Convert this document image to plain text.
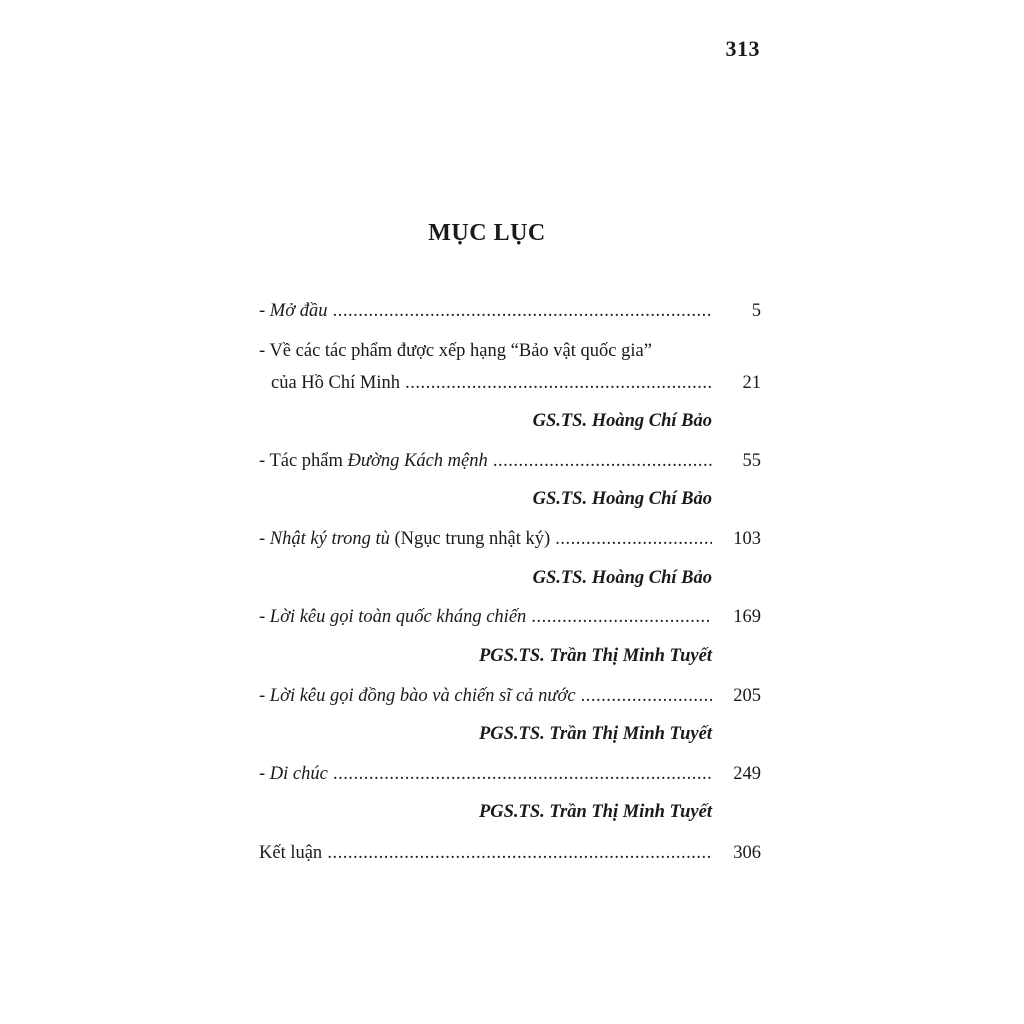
313
MỤC LỤC
- Mở đầu .....	5
- Về các tác phẩm được xếp hạng “Bảo vật quốc gia”
của Hồ Chí Minh .....	21
GS.TS. Hoàng Chí Bảo
- Tác phẩm Đường Kách mệnh .....	55
GS.TS. Hoàng Chí Bảo
- Nhật ký trong tù (Ngục trung nhật ký) .....	103
GS.TS. Hoàng Chí Bảo
- Lời kêu gọi toàn quốc kháng chiến .....	169
PGS.TS. Trần Thị Minh Tuyết
- Lời kêu gọi đồng bào và chiến sĩ cả nước .....	205
PGS.TS. Trần Thị Minh Tuyết
- Di chúc .....	249
PGS.TS. Trần Thị Minh Tuyết
Kết luận .....	306
